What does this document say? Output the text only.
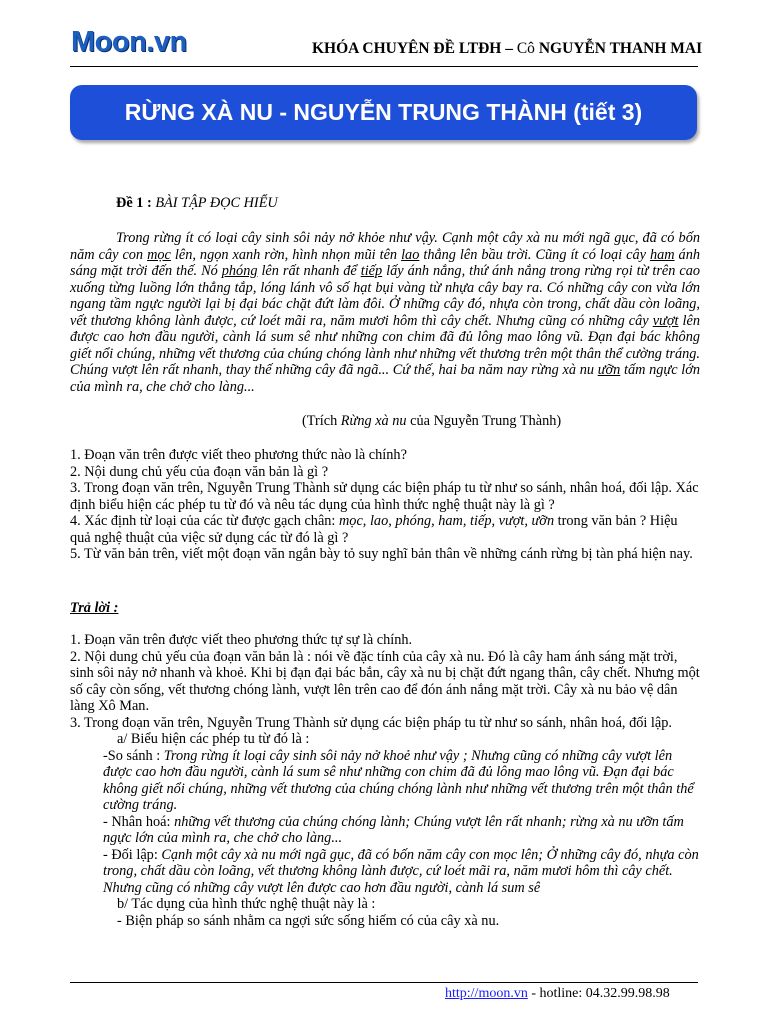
Moon.vn	KHÓA CHUYÊN ĐỀ LTĐH – Cô NGUYỄN THANH MAI
RỪNG XÀ NU - NGUYỄN TRUNG THÀNH (tiết 3)
Đề 1 : BÀI TẬP ĐỌC HIỂU
Trong rừng ít có loại cây sinh sôi nảy nở khỏe như vậy. Cạnh một cây xà nu mới ngã gục, đã có bốn năm cây con mọc lên, ngọn xanh rờn, hình nhọn mũi tên lao thẳng lên bầu trời. Cũng ít có loại cây ham ánh sáng mặt trời đến thế. Nó phóng lên rất nhanh để tiếp lấy ánh nắng, thứ ánh nắng trong rừng rọi từ trên cao xuống từng luồng lớn thẳng tắp, lóng lánh vô số hạt bụi vàng từ nhựa cây bay ra. Có những cây con vừa lớn ngang tầm ngực người lại bị đại bác chặt đứt làm đôi. Ở những cây đó, nhựa còn trong, chất dầu còn loãng, vết thương không lành được, cứ loét mãi ra, năm mươi hôm thì cây chết. Nhưng cũng có những cây vượt lên được cao hơn đầu người, cành lá sum sê như những con chim đã đủ lông mao lông vũ. Đạn đại bác không giết nổi chúng, những vết thương của chúng chóng lành như những vết thương trên một thân thể cường tráng. Chúng vượt lên rất nhanh, thay thế những cây đã ngã... Cứ thế, hai ba năm nay rừng xà nu ưỡn tấm ngực lớn của mình ra, che chở cho làng...
(Trích Rừng xà nu của Nguyễn Trung Thành)

1. Đoạn văn trên được viết theo phương thức nào là chính?

2. Nội dung chủ yếu của đoạn văn bản là gì ?

3. Trong đoạn văn trên, Nguyễn Trung Thành sử dụng các biện pháp tu từ như so sánh, nhân hoá, đối lập. Xác định biểu hiện các phép tu từ đó và nêu tác dụng của hình thức nghệ thuật này là gì ?

4. Xác định từ loại của các từ được gạch chân: mọc, lao, phóng, ham, tiếp, vượt, ưỡn trong văn bản ? Hiệu quả nghệ thuật của việc sử dụng các từ đó là gì ?

5. Từ văn bản trên, viết một đoạn văn ngắn bày tỏ suy nghĩ bản thân về những cánh rừng bị tàn phá hiện nay.

Trả lời :

1. Đoạn văn trên được viết theo phương thức tự sự là chính.

2. Nội dung chủ yếu của đoạn văn bản là : nói về đặc tính của cây xà nu. Đó là cây ham ánh sáng mặt trời, sinh sôi nảy nở nhanh và khoẻ. Khi bị đạn đại bác bắn, cây xà nu bị chặt đứt ngang thân, cây chết. Nhưng một số cây còn sống, vết thương chóng lành, vượt lên trên cao để đón ánh nắng mặt trời. Cây xà nu bảo vệ dân làng Xô Man.

3. Trong đoạn văn trên, Nguyễn Trung Thành sử dụng các biện pháp tu từ như so sánh, nhân hoá, đối lập.

a/ Biểu hiện các phép tu từ đó là :

-So sánh : Trong rừng ít loại cây sinh sôi nảy nở khoẻ như vậy ; Nhưng cũng có những cây vượt lên được cao hơn đầu người, cành lá sum sê như những con chim đã đủ lông mao lông vũ. Đạn đại bác không giết nổi chúng, những vết thương của chúng chóng lành như những vết thương trên một thân thể cường tráng.

- Nhân hoá: những vết thương của chúng chóng lành; Chúng vượt lên rất nhanh; rừng xà nu ưỡn tấm ngực lớn của mình ra, che chở cho làng...

- Đối lập: Cạnh một cây xà nu mới ngã gục, đã có bốn năm cây con mọc lên; Ở những cây đó, nhựa còn trong, chất dầu còn loãng, vết thương không lành được, cứ loét mãi ra, năm mươi hôm thì cây chết. Nhưng cũng có những cây vượt lên được cao hơn đầu người, cành lá sum sê

b/ Tác dụng của hình thức nghệ thuật này là :

- Biện pháp so sánh nhằm ca ngợi sức sống hiếm có của cây xà nu.

http://moon.vn - hotline: 04.32.99.98.98
